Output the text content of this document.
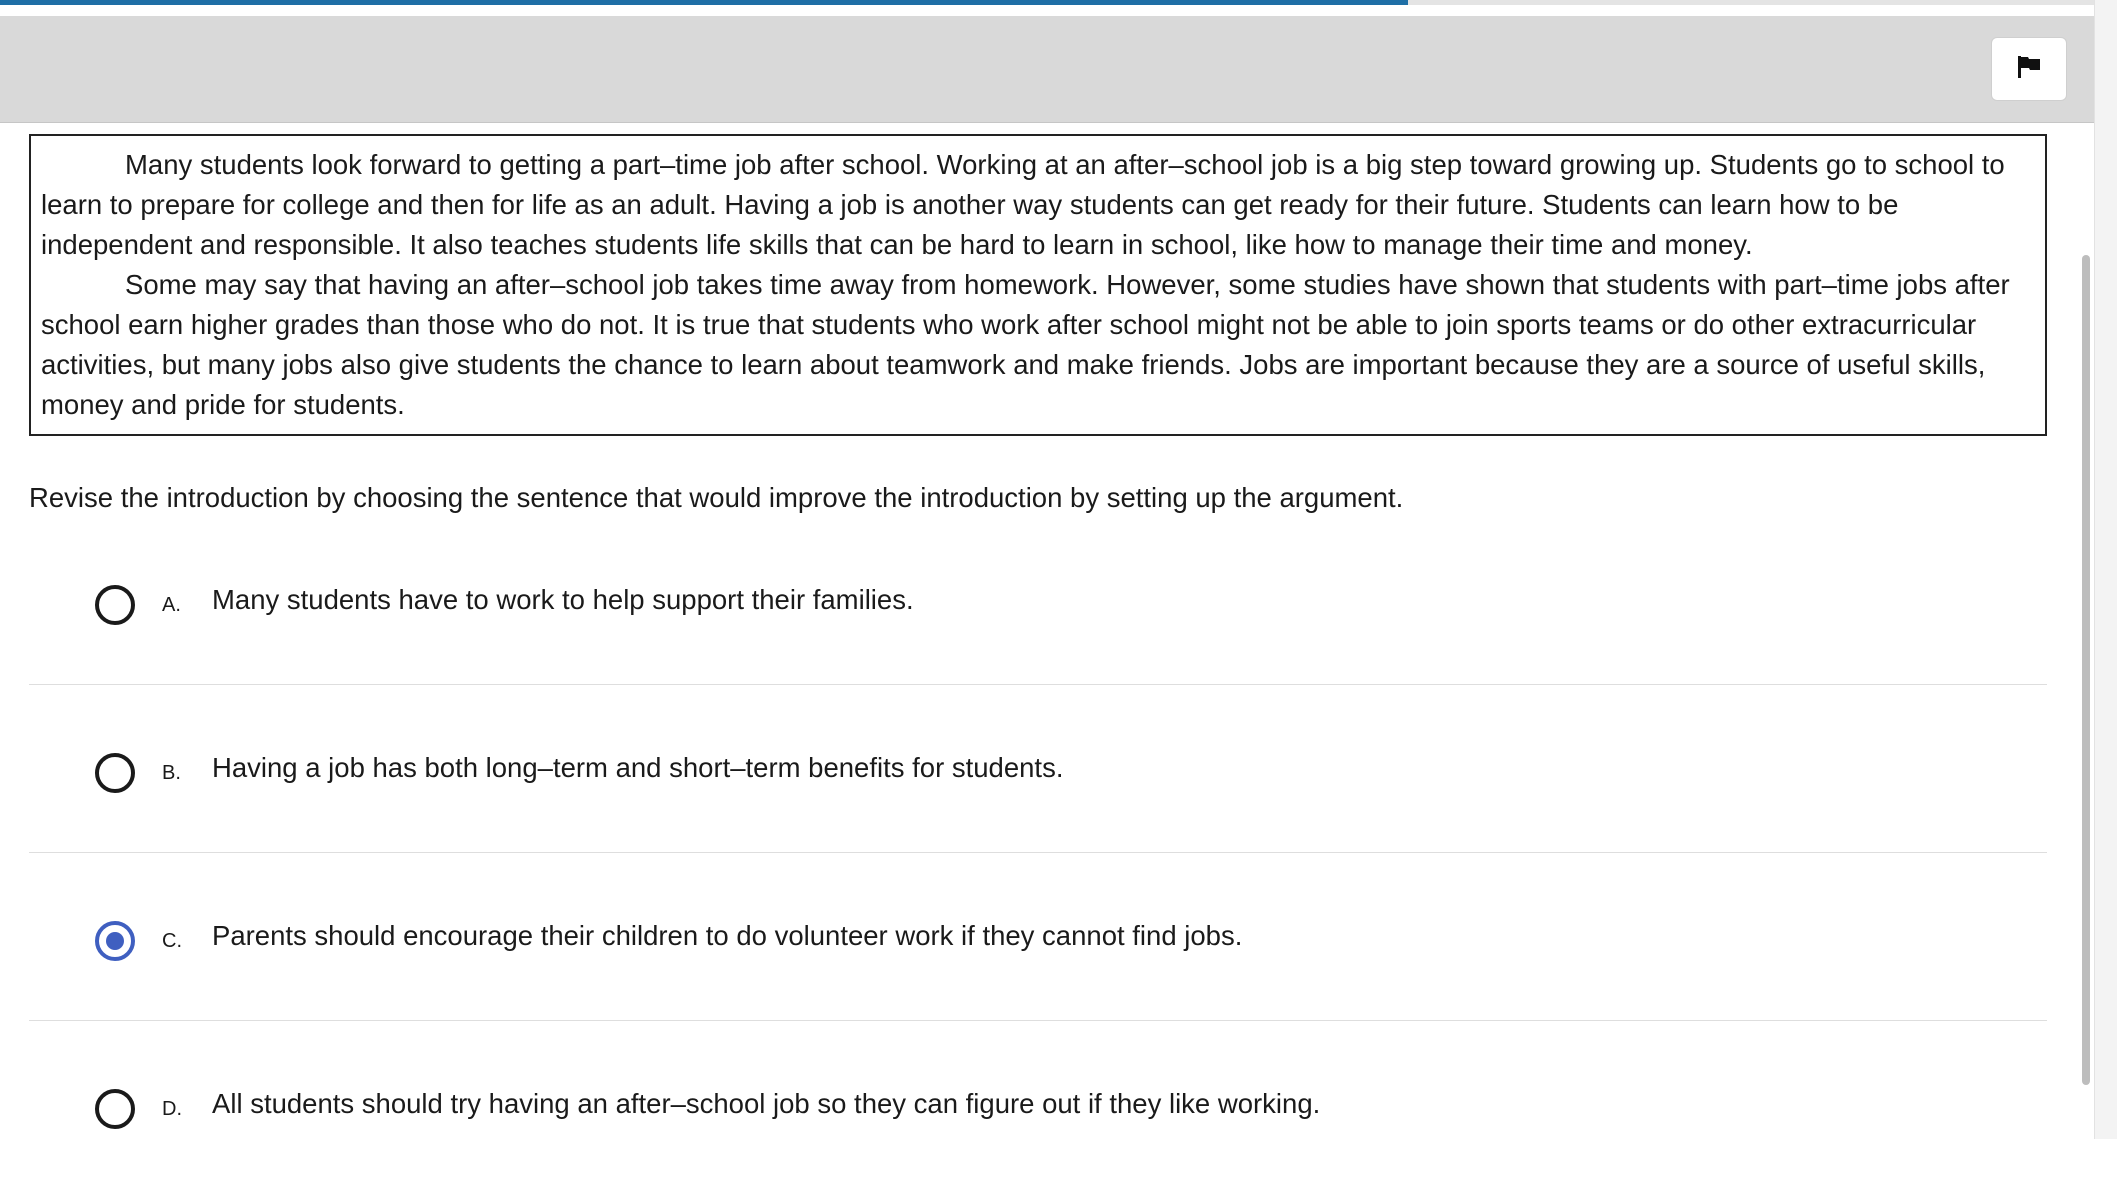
Many students look forward to getting a part–time job after school. Working at an after–school job is a big step toward growing up. Students go to school to learn to prepare for college and then for life as an adult. Having a job is another way students can get ready for their future. Students can learn how to be independent and responsible. It also teaches students life skills that can be hard to learn in school, like how to manage their time and money.

Some may say that having an after–school job takes time away from homework. However, some studies have shown that students with part–time jobs after school earn higher grades than those who do not. It is true that students who work after school might not be able to join sports teams or do other extracurricular activities, but many jobs also give students the chance to learn about teamwork and make friends. Jobs are important because they are a source of useful skills, money and pride for students.

Revise the introduction by choosing the sentence that would improve the introduction by setting up the argument.
A. Many students have to work to help support their families.
B. Having a job has both long–term and short–term benefits for students.
C. Parents should encourage their children to do volunteer work if they cannot find jobs.
D. All students should try having an after–school job so they can figure out if they like working.
